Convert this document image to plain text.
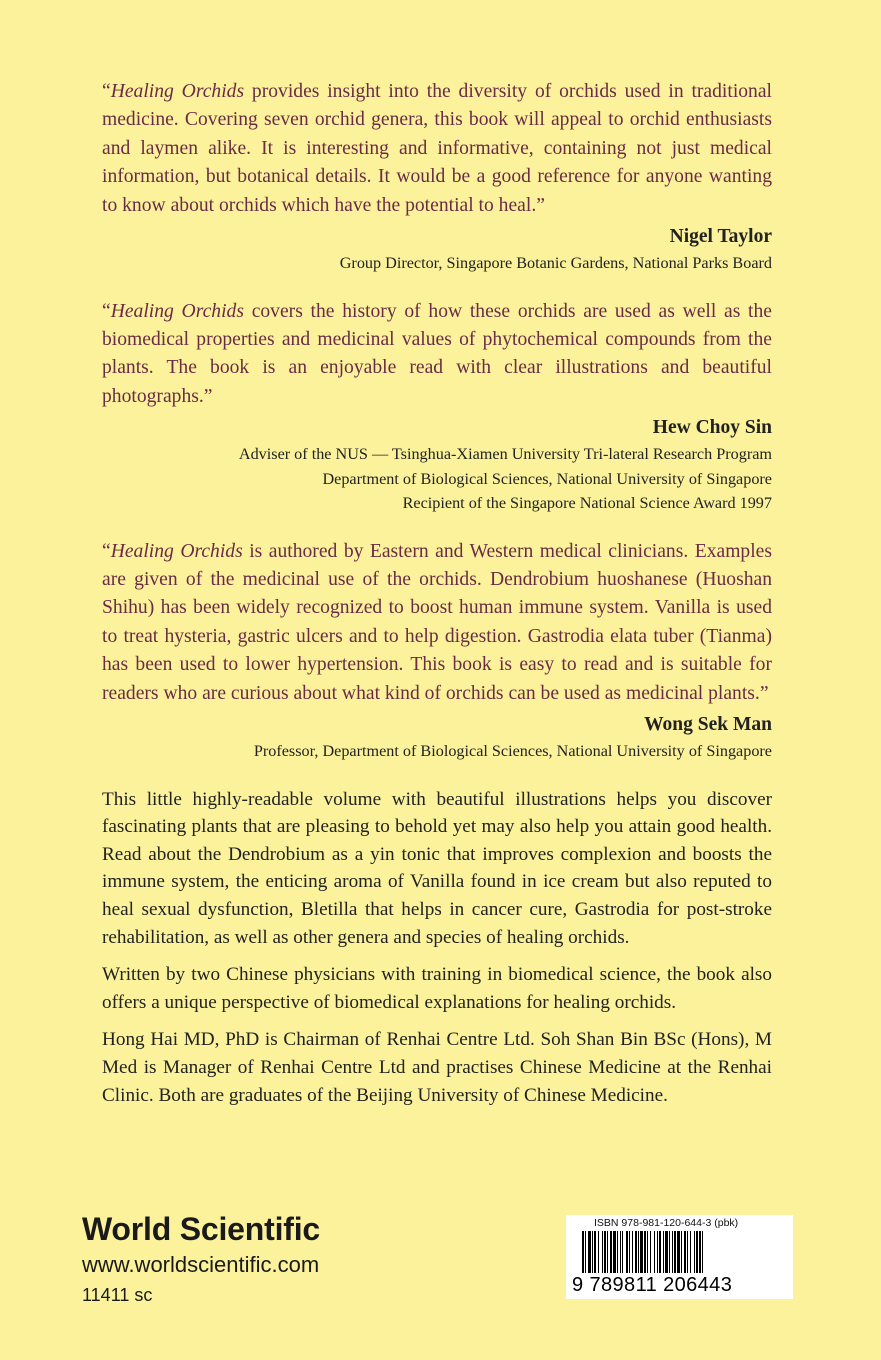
“Healing Orchids provides insight into the diversity of orchids used in traditional medicine. Covering seven orchid genera, this book will appeal to orchid enthusiasts and laymen alike. It is interesting and informative, containing not just medical information, but botanical details. It would be a good reference for anyone wanting to know about orchids which have the potential to heal.”

Nigel Taylor
Group Director, Singapore Botanic Gardens, National Parks Board

“Healing Orchids covers the history of how these orchids are used as well as the biomedical properties and medicinal values of phytochemical compounds from the plants. The book is an enjoyable read with clear illustrations and beautiful photographs.”

Hew Choy Sin
Adviser of the NUS — Tsinghua-Xiamen University Tri-lateral Research Program
Department of Biological Sciences, National University of Singapore
Recipient of the Singapore National Science Award 1997

“Healing Orchids is authored by Eastern and Western medical clinicians. Examples are given of the medicinal use of the orchids. Dendrobium huoshanese (Huoshan Shihu) has been widely recognized to boost human immune system. Vanilla is used to treat hysteria, gastric ulcers and to help digestion. Gastrodia elata tuber (Tianma) has been used to lower hypertension. This book is easy to read and is suitable for readers who are curious about what kind of orchids can be used as medicinal plants.”

Wong Sek Man
Professor, Department of Biological Sciences, National University of Singapore

This little highly-readable volume with beautiful illustrations helps you discover fascinating plants that are pleasing to behold yet may also help you attain good health. Read about the Dendrobium as a yin tonic that improves complexion and boosts the immune system, the enticing aroma of Vanilla found in ice cream but also reputed to heal sexual dysfunction, Bletilla that helps in cancer cure, Gastrodia for post-stroke rehabilitation, as well as other genera and species of healing orchids.

Written by two Chinese physicians with training in biomedical science, the book also offers a unique perspective of biomedical explanations for healing orchids.

Hong Hai MD, PhD is Chairman of Renhai Centre Ltd. Soh Shan Bin BSc (Hons), M Med is Manager of Renhai Centre Ltd and practises Chinese Medicine at the Renhai Clinic. Both are graduates of the Beijing University of Chinese Medicine.

World Scientific
www.worldscientific.com
11411 sc
ISBN 978-981-120-644-3 (pbk)
9 789811 206443
